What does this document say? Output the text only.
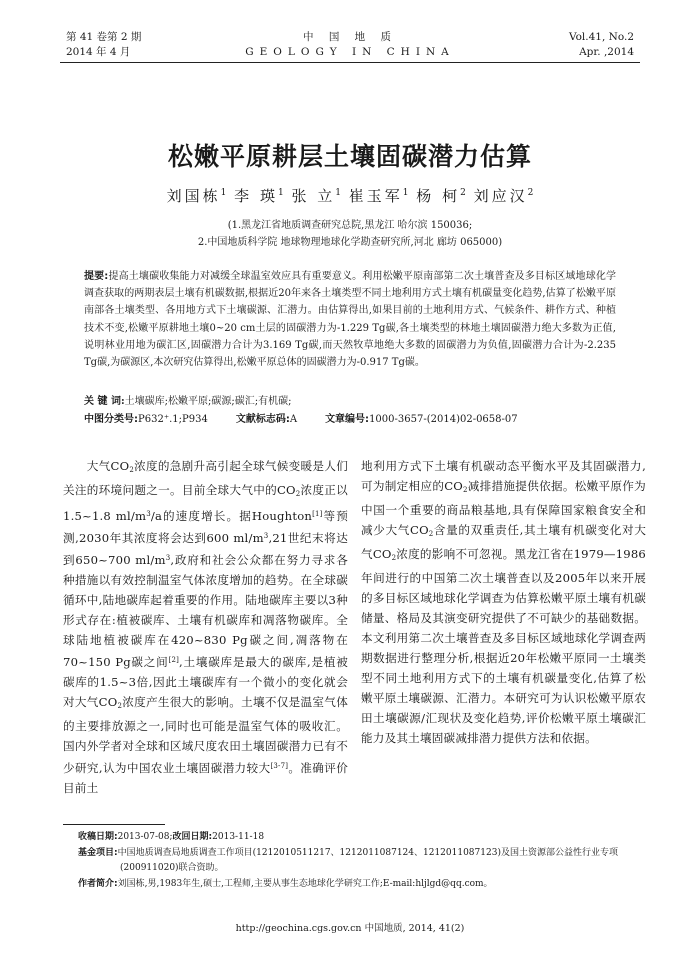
第 41 卷第 2 期
2014 年 4 月
中 国 地 质
GEOLOGY IN CHINA
Vol.41, No.2
Apr. ,2014
松嫩平原耕层土壤固碳潜力估算
刘国栋$^1$ 李 瑛$^1$ 张 立$^1$ 崔玉军$^1$ 杨 柯$^2$ 刘应汉$^2$
(1.黑龙江省地质调查研究总院,黑龙江 哈尔滨 150036;
2.中国地质科学院 地球物理地球化学勘查研究所,河北 廊坊 065000)
提要:提高土壤碳收集能力对减缓全球温室效应具有重要意义。利用松嫩平原南部第二次土壤普查及多目标区域地球化学调查获取的两期表层土壤有机碳数据,根据近20年来各土壤类型不同土地利用方式土壤有机碳量变化趋势,估算了松嫩平原南部各土壤类型、各用地方式下土壤碳源、汇潜力。由估算得出,如果目前的土地利用方式、气候条件、耕作方式、种植技术不变,松嫩平原耕地土壤0~20 cm土层的固碳潜力为-1.229 Tg碳,各土壤类型的林地土壤固碳潜力绝大多数为正值,说明林业用地为碳汇区,固碳潜力合计为3.169 Tg碳,而天然牧草地绝大多数的固碳潜力为负值,固碳潜力合计为-2.235 Tg碳,为碳源区,本次研究估算得出,松嫩平原总体的固碳潜力为-0.917 Tg碳。
关 键 词:土壤碳库;松嫩平原;碳源;碳汇;有机碳;
中图分类号:P632⁺.1;P934	文献标志码:A	文章编号:1000-3657-(2014)02-0658-07

　　大气$CO_2$浓度的急剧升高引起全球气候变暖是人们关注的环境问题之一。目前全球大气中的$CO_2$浓度正以1.5~1.8 $ml/m^3/a$的速度增长。据Houghton[1]等预测,2030年其浓度将会达到600 $ml/m^3,21$世纪末将达到650~700 $ml/m^3$,政府和社会公众都在努力寻求各种措施以有效控制温室气体浓度增加的趋势。在全球碳循环中,陆地碳库起着重要的作用。陆地碳库主要以3种形式存在:植被碳库、土壤有机碳库和凋落物碳库。全球陆地植被碳库在420~830 Pg碳之间,凋落物在70~150 Pg碳之间[2],土壤碳库是最大的碳库,是植被碳库的1.5~3倍,因此土壤碳库有一个微小的变化就会对大气$CO_2$浓度产生很大的影响。土壤不仅是温室气体的主要排放源之一,同时也可能是温室气体的吸收汇。国内外学者对全球和区域尺度农田土壤固碳潜力已有不少研究,认为中国农业土壤固碳潜力较大[3-7]。准确评价目前土

地利用方式下土壤有机碳动态平衡水平及其固碳潜力,可为制定相应的$CO_2$减排措施提供依据。松嫩平原作为中国一个重要的商品粮基地,具有保障国家粮食安全和减少大气$CO_2$含量的双重责任,其土壤有机碳变化对大气$CO_2$浓度的影响不可忽视。黑龙江省在1979—1986年间进行的中国第二次土壤普查以及2005年以来开展的多目标区域地球化学调查为估算松嫩平原土壤有机碳储量、格局及其演变研究提供了不可缺少的基础数据。本文利用第二次土壤普查及多目标区域地球化学调查两期数据进行整理分析,根据近20年松嫩平原同一土壤类型不同土地利用方式下的土壤有机碳量变化,估算了松嫩平原土壤碳源、汇潜力。本研究可为认识松嫩平原农田土壤碳源/汇现状及变化趋势,评价松嫩平原土壤碳汇能力及其土壤固碳减排潜力提供方法和依据。

收稿日期:2013-07-08;改回日期:2013-11-18
基金项目:中国地质调查局地质调查工作项目(1212010511217、1212011087124、1212011087123)及国土资源部公益性行业专项
(200911020)联合资助。
作者简介:刘国栋,男,1983年生,硕士,工程师,主要从事生态地球化学研究工作;E-mail:hljlgd@qq.com。
http://geochina.cgs.gov.cn 中国地质, 2014, 41(2)
